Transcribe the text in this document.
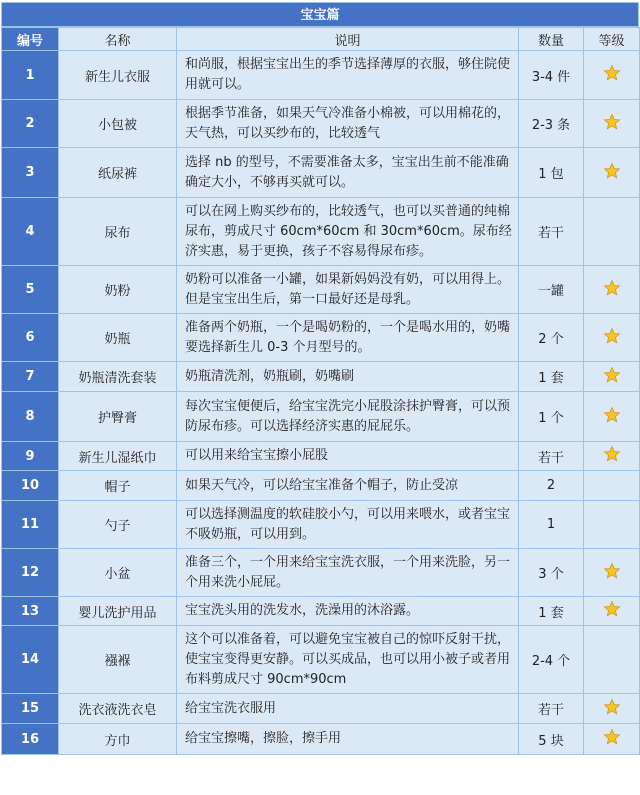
宝宝篇
编号	名称	说明	数量	等级
1	新生儿衣服	和尚服，根据宝宝出生的季节选择薄厚的衣服，够住院使用就可以。	3-4 件	
2	小包被	根据季节准备，如果天气冷准备小棉被，可以用棉花的，天气热，可以买纱布的，比较透气	2-3 条	
3	纸尿裤	选择 nb 的型号，不需要准备太多，宝宝出生前不能准确确定大小，不够再买就可以。	1 包	
4	尿布	可以在网上购买纱布的，比较透气，也可以买普通的纯棉尿布，剪成尺寸 60cm*60cm 和 30cm*60cm。尿布经济实惠，易于更换，孩子不容易得尿布疹。	若干	
5	奶粉	奶粉可以准备一小罐，如果新妈妈没有奶，可以用得上。但是宝宝出生后，第一口最好还是母乳。	一罐	
6	奶瓶	准备两个奶瓶，一个是喝奶粉的，一个是喝水用的，奶嘴要选择新生儿 0-3 个月型号的。	2 个	
7	奶瓶清洗套装	奶瓶清洗剂，奶瓶刷，奶嘴刷	1 套	
8	护臀膏	每次宝宝便便后，给宝宝洗完小屁股涂抹护臀膏，可以预防尿布疹。可以选择经济实惠的屁屁乐。	1 个	
9	新生儿湿纸巾	可以用来给宝宝擦小屁股	若干	
10	帽子	如果天气冷，可以给宝宝准备个帽子，防止受凉	2	
11	勺子	可以选择测温度的软硅胶小勺，可以用来喂水，或者宝宝不吸奶瓶，可以用到。	1	
12	小盆	准备三个，一个用来给宝宝洗衣服，一个用来洗脸，另一个用来洗小屁屁。	3 个	
13	婴儿洗护用品	宝宝洗头用的洗发水，洗澡用的沐浴露。	1 套	
14	襁褓	这个可以准备着，可以避免宝宝被自己的惊吓反射干扰，使宝宝变得更安静。可以买成品，也可以用小被子或者用布料剪成尺寸 90cm*90cm	2-4 个	
15	洗衣液洗衣皂	给宝宝洗衣服用	若干	
16	方巾	给宝宝擦嘴，擦脸，擦手用	5 块	
